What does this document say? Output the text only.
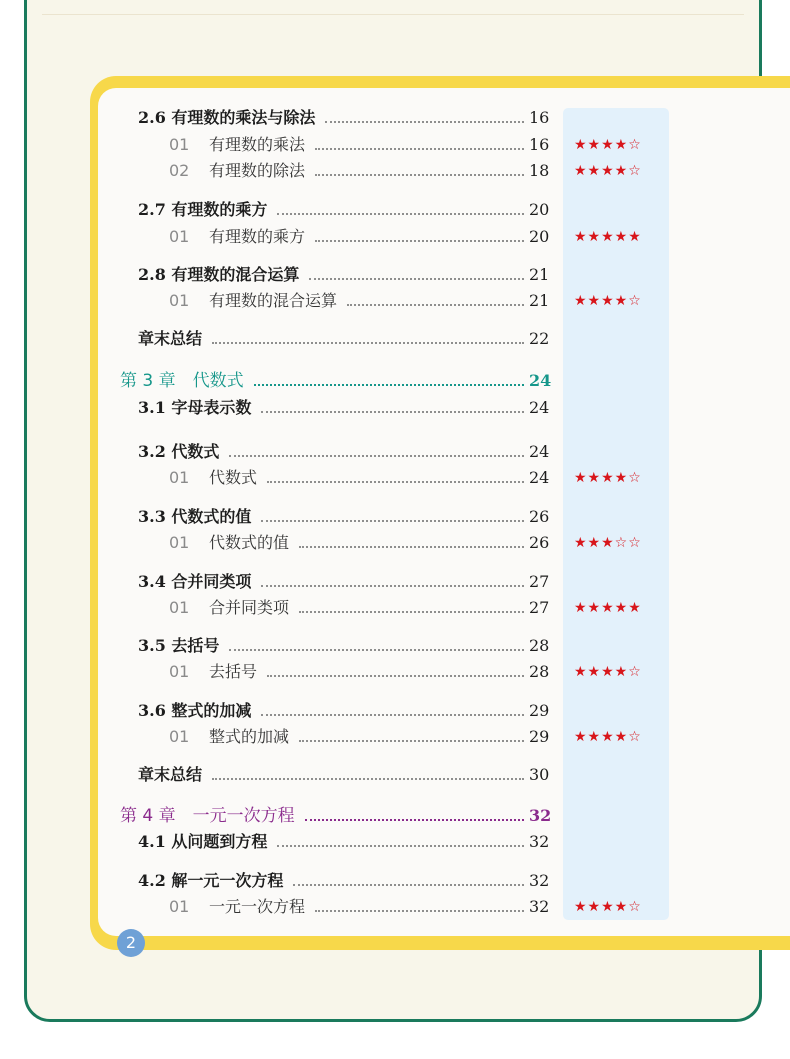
2.6 有理数的乘法与除法	16
01 有理数的乘法	16 ★★★★☆
02 有理数的除法	18 ★★★★☆
2.7 有理数的乘方	20
01 有理数的乘方	20 ★★★★★
2.8 有理数的混合运算	21
01 有理数的混合运算	21 ★★★★☆
章末总结	22
第 3 章　代数式	24
3.1 字母表示数	24
3.2 代数式	24
01 代数式	24 ★★★★☆
3.3 代数式的值	26
01 代数式的值	26 ★★★☆☆
3.4 合并同类项	27
01 合并同类项	27 ★★★★★
3.5 去括号	28
01 去括号	28 ★★★★☆
3.6 整式的加减	29
01 整式的加减	29 ★★★★☆
章末总结	30
第 4 章　一元一次方程	32
4.1 从问题到方程	32
4.2 解一元一次方程	32
01 一元一次方程	32 ★★★★☆
2
